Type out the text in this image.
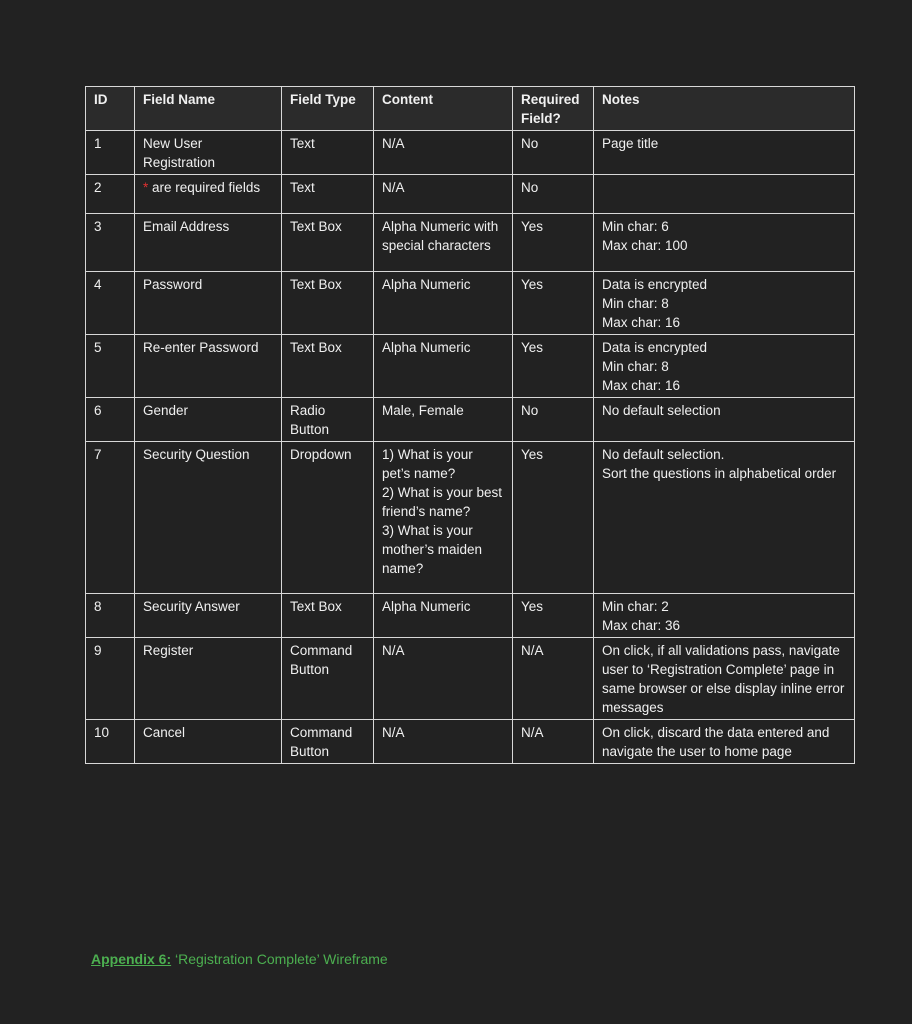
ID	Field Name	Field Type	Content	Required Field?	Notes
1	New User Registration	Text	N/A	No	Page title

2	* are required fields	Text	N/A	No	
3	Email Address	Text Box	Alpha Numeric with special characters	Yes	Min char: 6
Max char: 100

4	Password	Text Box	Alpha Numeric	Yes	Data is encrypted
Min char: 8
Max char: 16

5	Re-enter Password	Text Box	Alpha Numeric	Yes	Data is encrypted
Min char: 8
Max char: 16

6	Gender	Radio Button	Male, Female	No	No default selection

7	Security Question	Dropdown	1) What is your pet’s name?
2) What is your best friend’s name?
3) What is your mother’s maiden name?	Yes	No default selection.
Sort the questions in alphabetical order

8	Security Answer	Text Box	Alpha Numeric	Yes	Min char: 2
Max char: 36

9	Register	Command Button	N/A	N/A	On click, if all validations pass, navigate user to ‘Registration Complete’ page in same browser or else display inline error messages

10	Cancel	Command Button	N/A	N/A	On click, discard the data entered and navigate the user to home page
Appendix 6: ‘Registration Complete’ Wireframe
